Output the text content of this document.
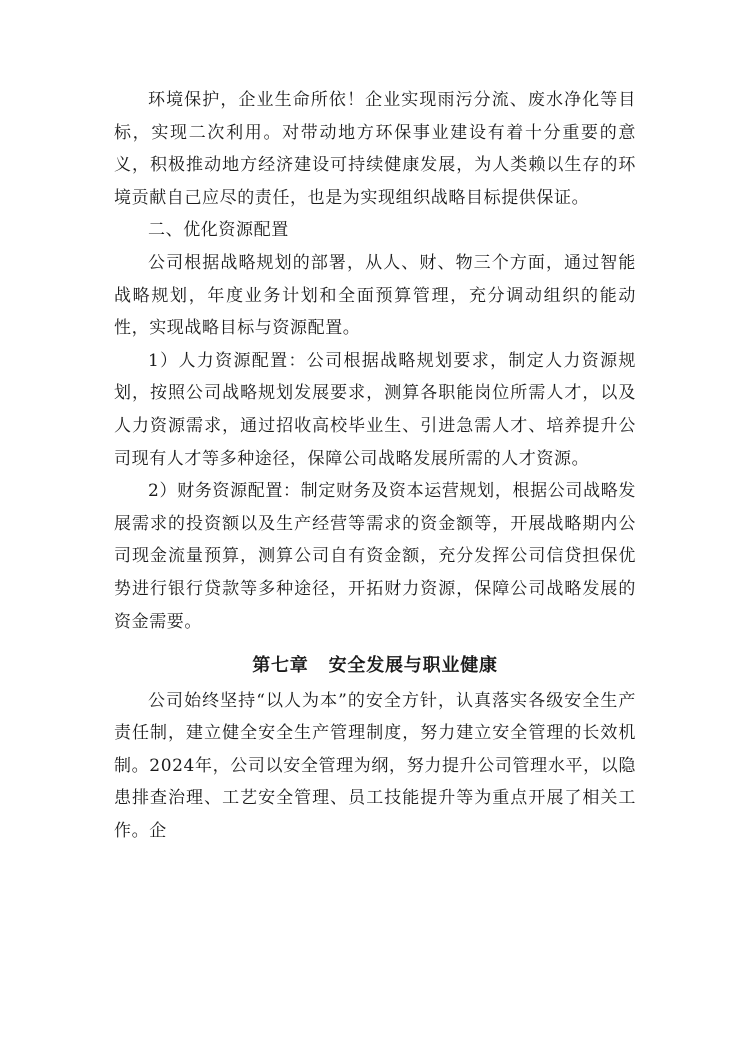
环境保护，企业生命所依！企业实现雨污分流、废水净化等目标，实现二次利用。对带动地方环保事业建设有着十分重要的意义，积极推动地方经济建设可持续健康发展，为人类赖以生存的环境贡献自己应尽的责任，也是为实现组织战略目标提供保证。

二、优化资源配置

公司根据战略规划的部署，从人、财、物三个方面，通过智能战略规划，年度业务计划和全面预算管理，充分调动组织的能动性，实现战略目标与资源配置。

1）人力资源配置：公司根据战略规划要求，制定人力资源规划，按照公司战略规划发展要求，测算各职能岗位所需人才，以及人力资源需求，通过招收高校毕业生、引进急需人才、培养提升公司现有人才等多种途径，保障公司战略发展所需的人才资源。

2）财务资源配置：制定财务及资本运营规划，根据公司战略发展需求的投资额以及生产经营等需求的资金额等，开展战略期内公司现金流量预算，测算公司自有资金额，充分发挥公司信贷担保优势进行银行贷款等多种途径，开拓财力资源，保障公司战略发展的资金需要。

第七章 安全发展与职业健康

公司始终坚持“以人为本”的安全方针，认真落实各级安全生产责任制，建立健全安全生产管理制度，努力建立安全管理的长效机制。2024年，公司以安全管理为纲，努力提升公司管理水平，以隐患排查治理、工艺安全管理、员工技能提升等为重点开展了相关工作。企
